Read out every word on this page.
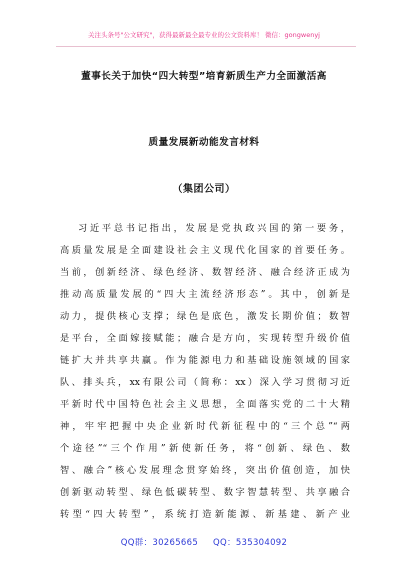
关注头条号"公文研究"，获得最新最全最专业的公文资料库！ 微信：gongwenyj
董事长关于加快“四大转型”培育新质生产力全面激活高
质量发展新动能发言材料
（集团公司）
习近平总书记指出，发展是党执政兴国的第一要务，
高质量发展是全面建设社会主义现代化国家的首要任务。
当前，创新经济、绿色经济、数智经济、融合经济正成为
推动高质量发展的“四大主流经济形态”。其中，创新是
动力，提供核心支撑；绿色是底色，激发长期价值；数智
是平台，全面嫁接赋能；融合是方向，实现转型升级价值
链扩大并共享共赢。作为能源电力和基础设施领域的国家
队、排头兵，xx有限公司（简称：xx）深入学习贯彻习近
平新时代中国特色社会主义思想，全面落实党的二十大精
神，牢牢把握中央企业新时代新征程中的“三个总”“两
个途径”“三个作用”新使新任务，将“创新、绿色、数
智、融合”核心发展理念贯穿始终，突出价值创造，加快
创新驱动转型、绿色低碳转型、数字智慧转型、共享融合
转型“四大转型”，系统打造新能源、新基建、新产业
QQ群：30265665 QQ：535304092
